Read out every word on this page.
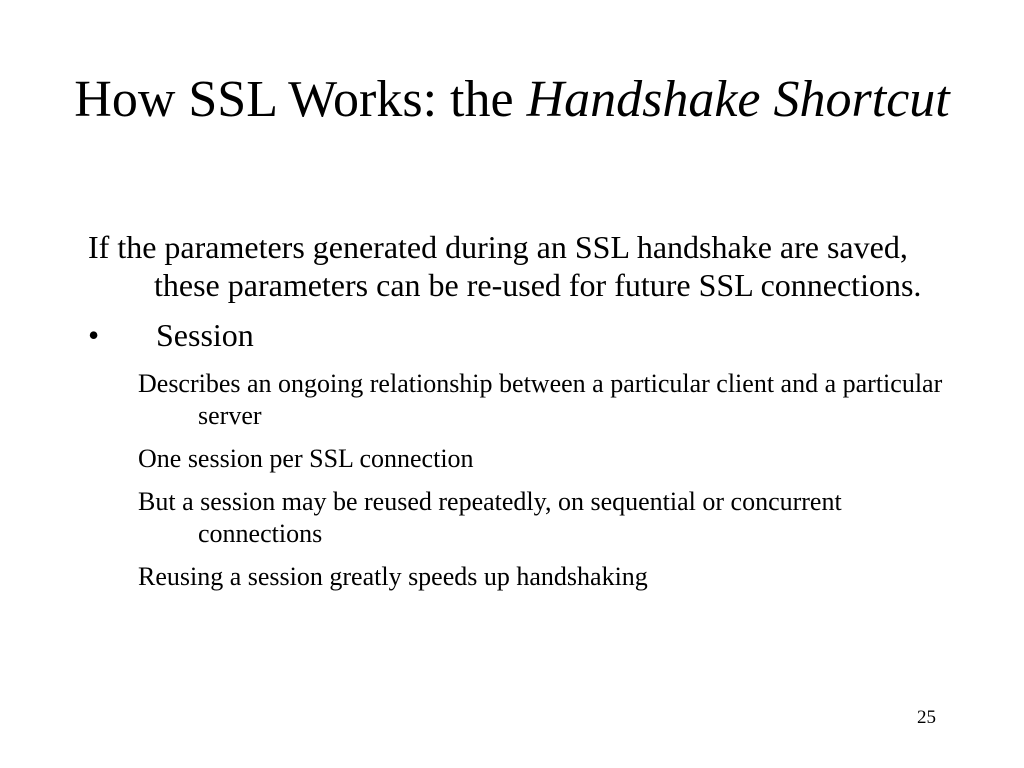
How SSL Works: the Handshake Shortcut

If the parameters generated during an SSL handshake are saved, these parameters can be re-used for future SSL connections.

•	Session

Describes an ongoing relationship between a particular client and a particular server

One session per SSL connection

But a session may be reused repeatedly, on sequential or concurrent connections

Reusing a session greatly speeds up handshaking

25
